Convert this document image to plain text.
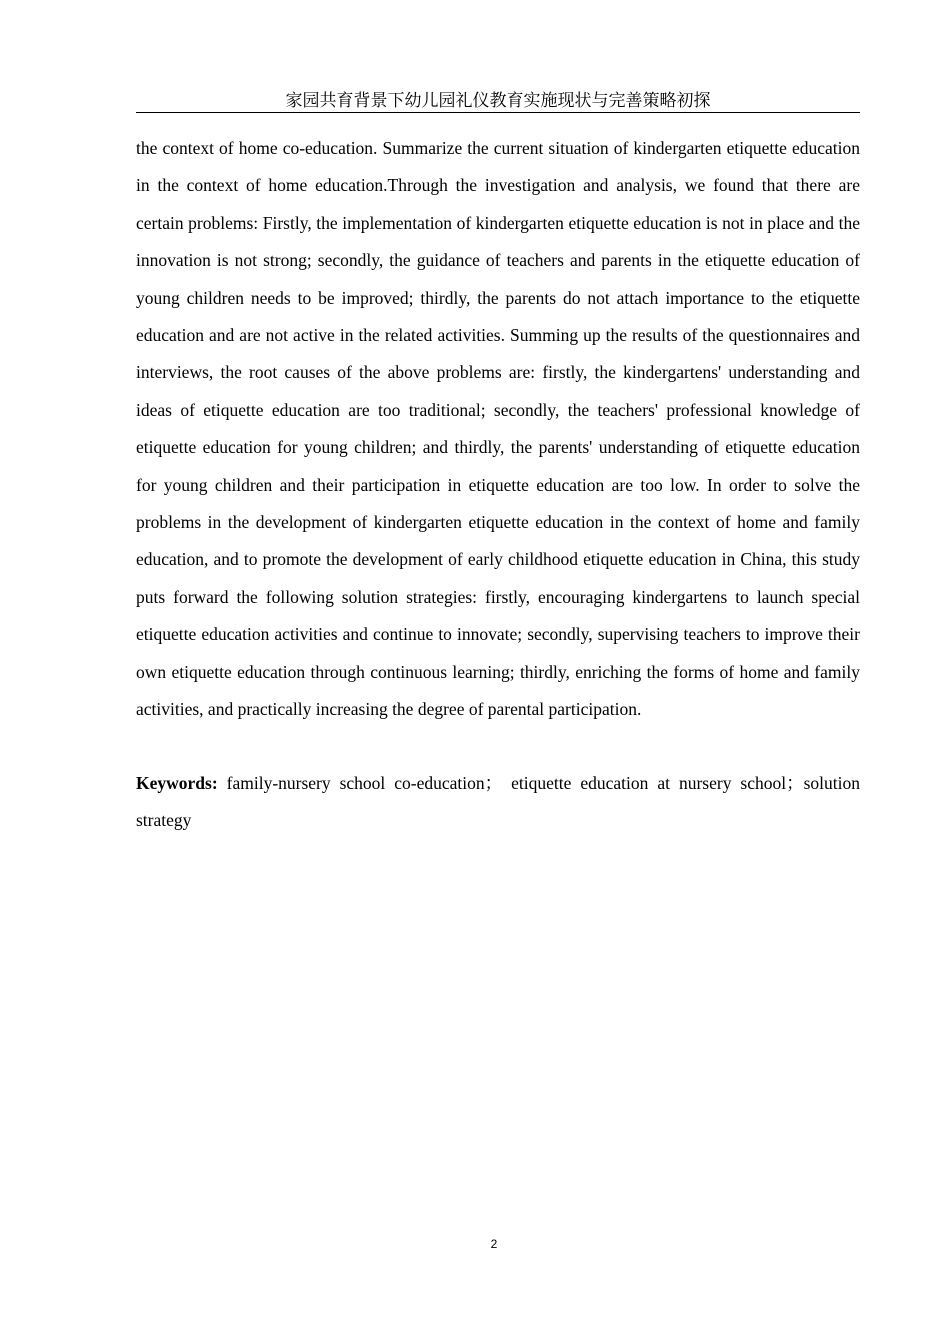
家园共育背景下幼儿园礼仪教育实施现状与完善策略初探

the context of home co-education. Summarize the current situation of kindergarten etiquette education in the context of home education.Through the investigation and analysis, we found that there are certain problems: Firstly, the implementation of kindergarten etiquette education is not in place and the innovation is not strong; secondly, the guidance of teachers and parents in the etiquette education of young children needs to be improved; thirdly, the parents do not attach importance to the etiquette education and are not active in the related activities. Summing up the results of the questionnaires and interviews, the root causes of the above problems are: firstly, the kindergartens' understanding and ideas of etiquette education are too traditional; secondly, the teachers' professional knowledge of etiquette education for young children; and thirdly, the parents' understanding of etiquette education for young children and their participation in etiquette education are too low. In order to solve the problems in the development of kindergarten etiquette education in the context of home and family education, and to promote the development of early childhood etiquette education in China, this study puts forward the following solution strategies: firstly, encouraging kindergartens to launch special etiquette education activities and continue to innovate; secondly, supervising teachers to improve their own etiquette education through continuous learning; thirdly, enriching the forms of home and family activities, and practically increasing the degree of parental participation.

Keywords: family-nursery school co-education； etiquette education at nursery school；solution strategy

2
